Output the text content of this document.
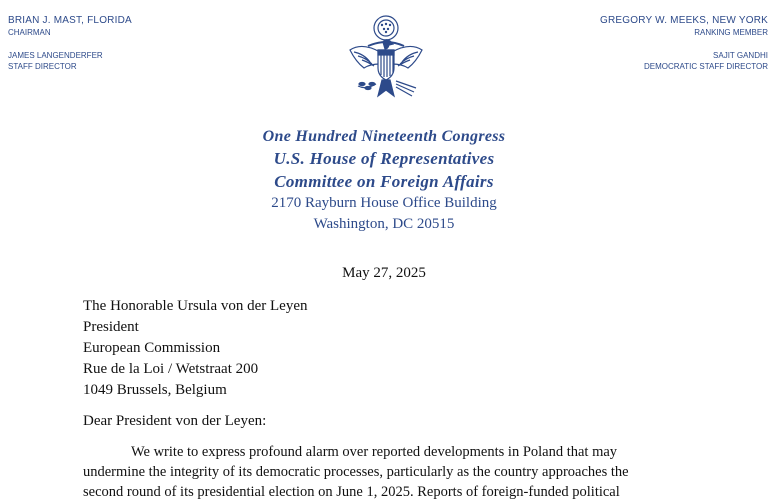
BRIAN J. MAST, FLORIDA
CHAIRMAN
JAMES LANGENDERFER
STAFF DIRECTOR
GREGORY W. MEEKS, NEW YORK
RANKING MEMBER
SAJIT GANDHI
DEMOCRATIC STAFF DIRECTOR
One Hundred Nineteenth Congress
U.S. House of Representatives
Committee on Foreign Affairs
2170 Rayburn House Office Building
Washington, DC 20515
May 27, 2025
The Honorable Ursula von der Leyen
President
European Commission
Rue de la Loi / Wetstraat 200
1049 Brussels, Belgium
Dear President von der Leyen:
We write to express profound alarm over reported developments in Poland that may
undermine the integrity of its democratic processes, particularly as the country approaches the
second round of its presidential election on June 1, 2025. Reports of foreign-funded political
